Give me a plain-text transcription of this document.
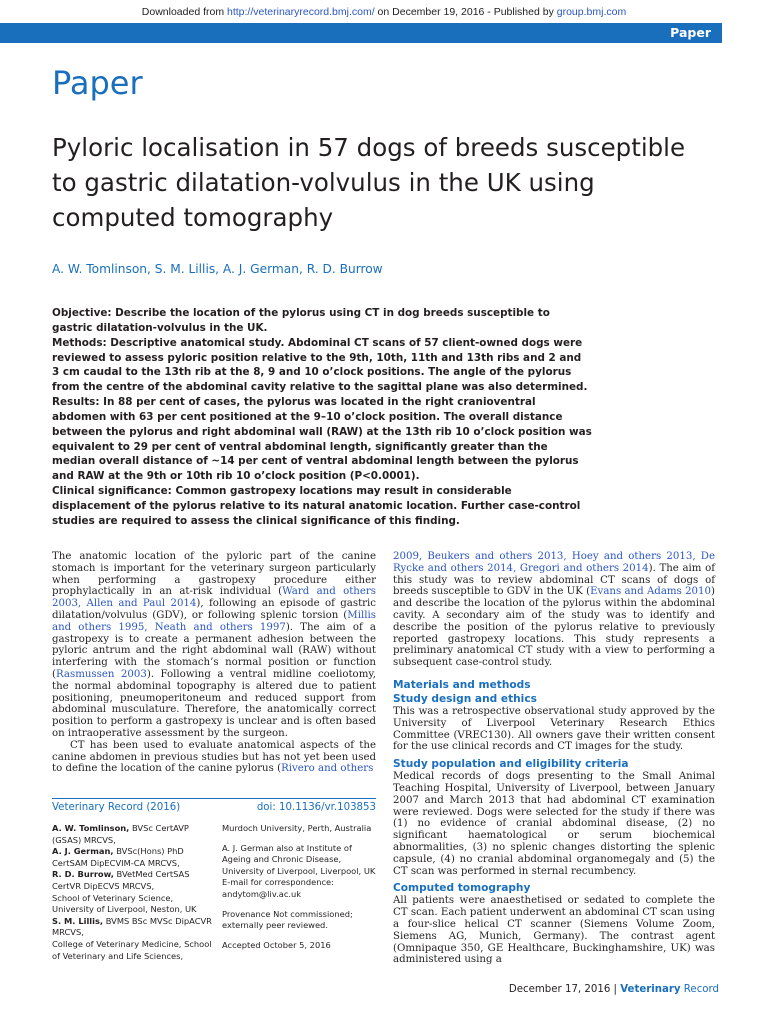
Downloaded from http://veterinaryrecord.bmj.com/ on December 19, 2016 - Published by group.bmj.com
Paper
Paper
Pyloric localisation in 57 dogs of breeds susceptible to gastric dilatation-volvulus in the UK using computed tomography
A. W. Tomlinson, S. M. Lillis, A. J. German, R. D. Burrow

Objective: Describe the location of the pylorus using CT in dog breeds susceptible to gastric dilatation-volvulus in the UK.
Methods: Descriptive anatomical study. Abdominal CT scans of 57 client-owned dogs were reviewed to assess pyloric position relative to the 9th, 10th, 11th and 13th ribs and 2 and 3 cm caudal to the 13th rib at the 8, 9 and 10 o’clock positions. The angle of the pylorus from the centre of the abdominal cavity relative to the sagittal plane was also determined.
Results: In 88 per cent of cases, the pylorus was located in the right cranioventral abdomen with 63 per cent positioned at the 9–10 o’clock position. The overall distance between the pylorus and right abdominal wall (RAW) at the 13th rib 10 o’clock position was equivalent to 29 per cent of ventral abdominal length, significantly greater than the median overall distance of ~14 per cent of ventral abdominal length between the pylorus and RAW at the 9th or 10th rib 10 o’clock position (P<0.0001).
Clinical significance: Common gastropexy locations may result in considerable displacement of the pylorus relative to its natural anatomic location. Further case-control studies are required to assess the clinical significance of this finding.

The anatomic location of the pyloric part of the canine stomach is important for the veterinary surgeon particularly when performing a gastropexy procedure either prophylactically in an at-risk individual (Ward and others 2003, Allen and Paul 2014), following an episode of gastric dilatation/volvulus (GDV), or following splenic torsion (Millis and others 1995, Neath and others 1997). The aim of a gastropexy is to create a permanent adhesion between the pyloric antrum and the right abdominal wall (RAW) without interfering with the stomach’s normal position or function (Rasmussen 2003). Following a ventral midline coeliotomy, the normal abdominal topography is altered due to patient positioning, pneumoperitoneum and reduced support from abdominal musculature. Therefore, the anatomically correct position to perform a gastropexy is unclear and is often based on intraoperative assessment by the surgeon.

CT has been used to evaluate anatomical aspects of the canine abdomen in previous studies but has not yet been used to define the location of the canine pylorus (Rivero and others

Veterinary Record (2016)	doi: 10.1136/vr.103853
A. W. Tomlinson, BVSc CertAVP (GSAS) MRCVS,
A. J. German, BVSc(Hons) PhD CertSAM DipECVIM-CA MRCVS,
R. D. Burrow, BVetMed CertSAS CertVR DipECVS MRCVS,
School of Veterinary Science, University of Liverpool, Neston, UK
S. M. Lillis, BVMS BSc MVSc DipACVR MRCVS,
College of Veterinary Medicine, School of Veterinary and Life Sciences,
Murdoch University, Perth, Australia
A. J. German also at Institute of Ageing and Chronic Disease, University of Liverpool, Liverpool, UK
E-mail for correspondence:
andytom@liv.ac.uk
Provenance Not commissioned; externally peer reviewed.
Accepted October 5, 2016

2009, Beukers and others 2013, Hoey and others 2013, De Rycke and others 2014, Gregori and others 2014). The aim of this study was to review abdominal CT scans of dogs of breeds susceptible to GDV in the UK (Evans and Adams 2010) and describe the location of the pylorus within the abdominal cavity. A secondary aim of the study was to identify and describe the position of the pylorus relative to previously reported gastropexy locations. This study represents a preliminary anatomical CT study with a view to performing a subsequent case-control study.

Materials and methods
Study design and ethics

This was a retrospective observational study approved by the University of Liverpool Veterinary Research Ethics Committee (VREC130). All owners gave their written consent for the use clinical records and CT images for the study.

Study population and eligibility criteria

Medical records of dogs presenting to the Small Animal Teaching Hospital, University of Liverpool, between January 2007 and March 2013 that had abdominal CT examination were reviewed. Dogs were selected for the study if there was (1) no evidence of cranial abdominal disease, (2) no significant haematological or serum biochemical abnormalities, (3) no splenic changes distorting the splenic capsule, (4) no cranial abdominal organomegaly and (5) the CT scan was performed in sternal recumbency.

Computed tomography

All patients were anaesthetised or sedated to complete the CT scan. Each patient underwent an abdominal CT scan using a four-slice helical CT scanner (Siemens Volume Zoom, Siemens AG, Munich, Germany). The contrast agent (Omnipaque 350, GE Healthcare, Buckinghamshire, UK) was administered using a

December 17, 2016 | Veterinary Record
